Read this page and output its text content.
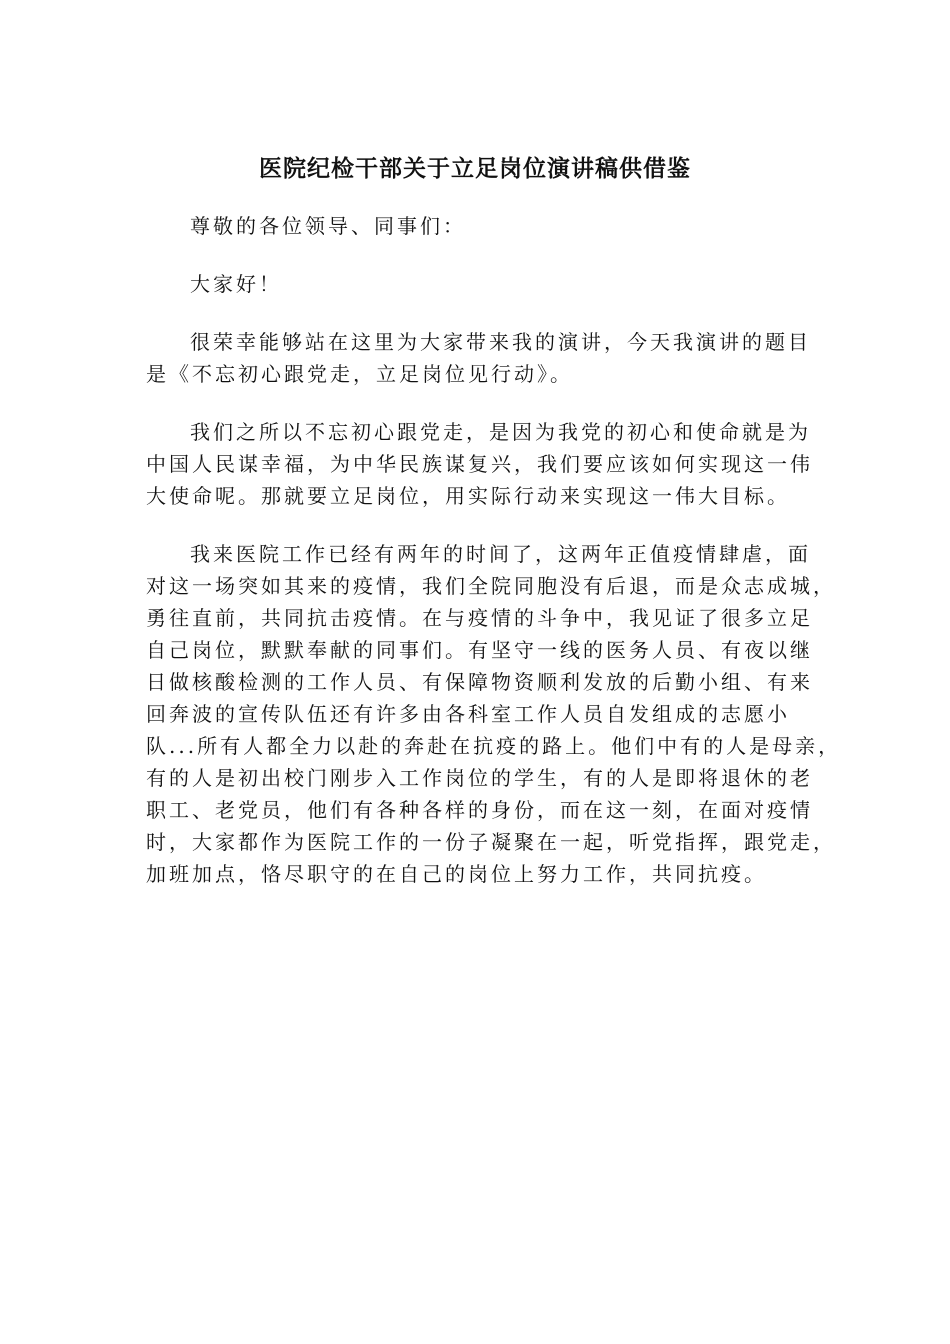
医院纪检干部关于立足岗位演讲稿供借鉴
尊敬的各位领导、同事们：
大家好！
很荣幸能够站在这里为大家带来我的演讲，今天我演讲的题目
是《不忘初心跟党走，立足岗位见行动》。
我们之所以不忘初心跟党走，是因为我党的初心和使命就是为
中国人民谋幸福，为中华民族谋复兴，我们要应该如何实现这一伟
大使命呢。那就要立足岗位，用实际行动来实现这一伟大目标。
我来医院工作已经有两年的时间了，这两年正值疫情肆虐，面
对这一场突如其来的疫情，我们全院同胞没有后退，而是众志成城，
勇往直前，共同抗击疫情。在与疫情的斗争中，我见证了很多立足
自己岗位，默默奉献的同事们。有坚守一线的医务人员、有夜以继
日做核酸检测的工作人员、有保障物资顺利发放的后勤小组、有来
回奔波的宣传队伍还有许多由各科室工作人员自发组成的志愿小
队...所有人都全力以赴的奔赴在抗疫的路上。他们中有的人是母亲，
有的人是初出校门刚步入工作岗位的学生，有的人是即将退休的老
职工、老党员，他们有各种各样的身份，而在这一刻，在面对疫情
时，大家都作为医院工作的一份子凝聚在一起，听党指挥，跟党走，
加班加点，恪尽职守的在自己的岗位上努力工作，共同抗疫。
